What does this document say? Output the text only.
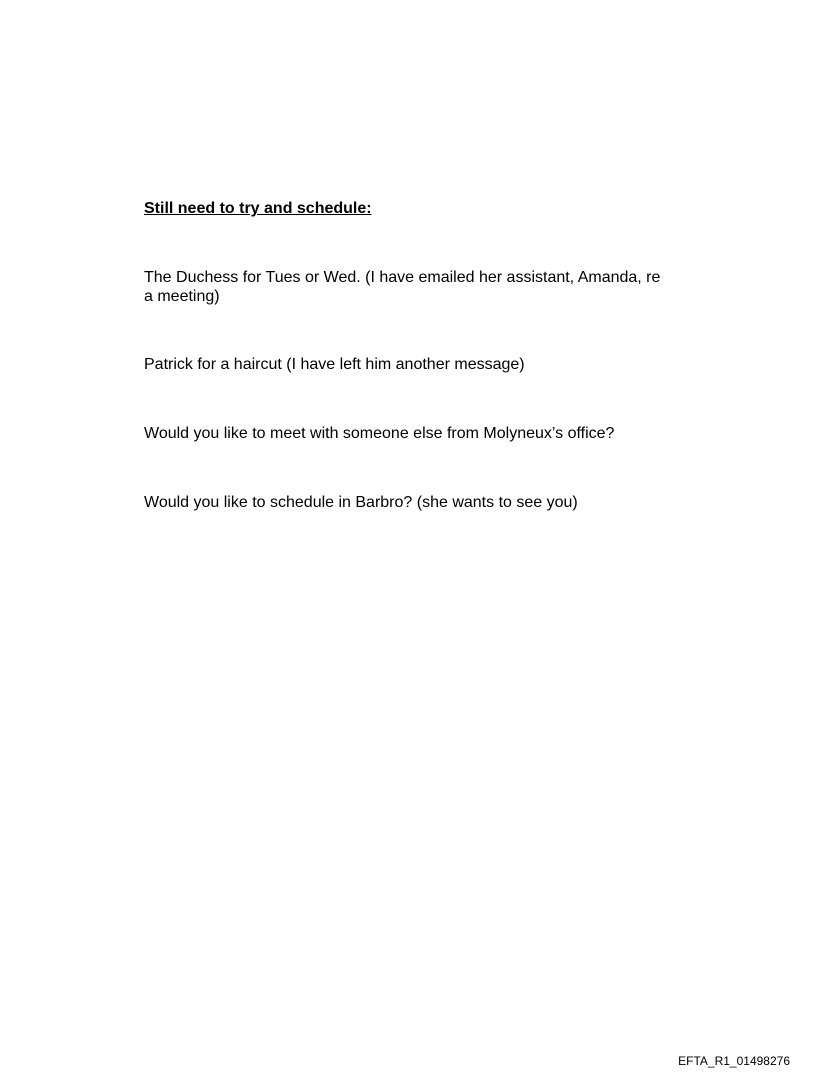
Still need to try and schedule:
The Duchess for Tues or Wed. (I have emailed her assistant, Amanda, re
a meeting)
Patrick for a haircut (I have left him another message)
Would you like to meet with someone else from Molyneux’s office?
Would you like to schedule in Barbro? (she wants to see you)
EFTA_R1_01498276
